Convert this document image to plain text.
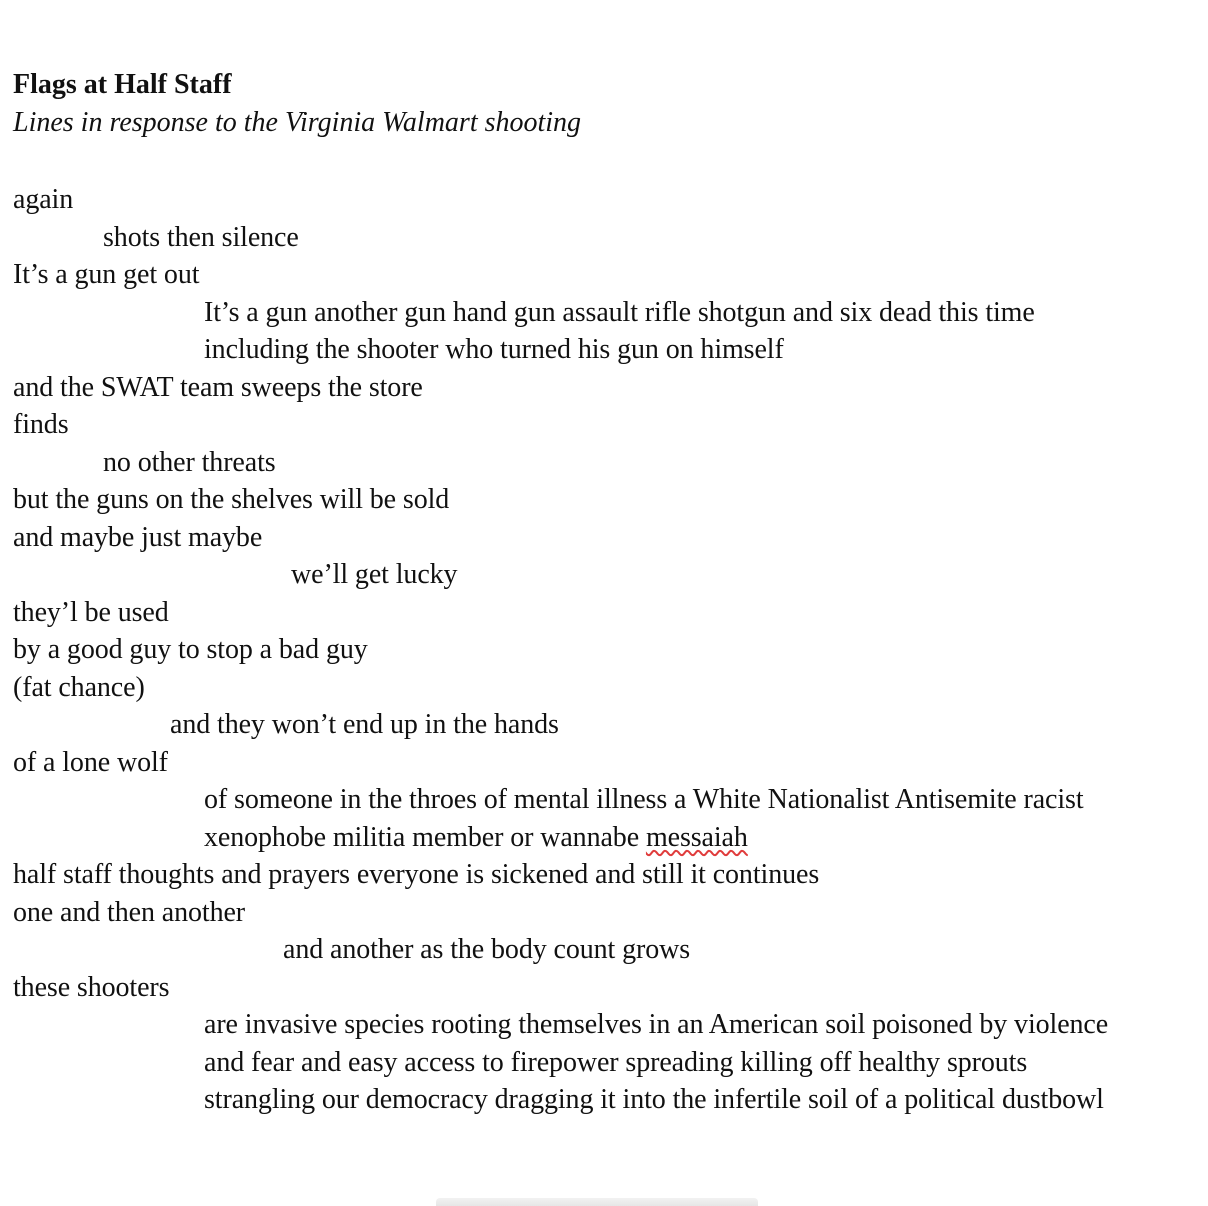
Flags at Half Staff
Lines in response to the Virginia Walmart shooting
again
shots then silence
It’s a gun get out
It’s a gun another gun hand gun assault rifle shotgun and six dead this time
including the shooter who turned his gun on himself
and the SWAT team sweeps the store
finds
no other threats
but the guns on the shelves will be sold
and maybe just maybe
we’ll get lucky
they’l be used
by a good guy to stop a bad guy
(fat chance)
and they won’t end up in the hands
of a lone wolf
of someone in the throes of mental illness a White Nationalist Antisemite racist
xenophobe militia member or wannabe messaiah
half staff thoughts and prayers everyone is sickened and still it continues
one and then another
and another as the body count grows
these shooters
are invasive species rooting themselves in an American soil poisoned by violence
and fear and easy access to firepower spreading killing off healthy sprouts
strangling our democracy dragging it into the infertile soil of a political dustbowl
